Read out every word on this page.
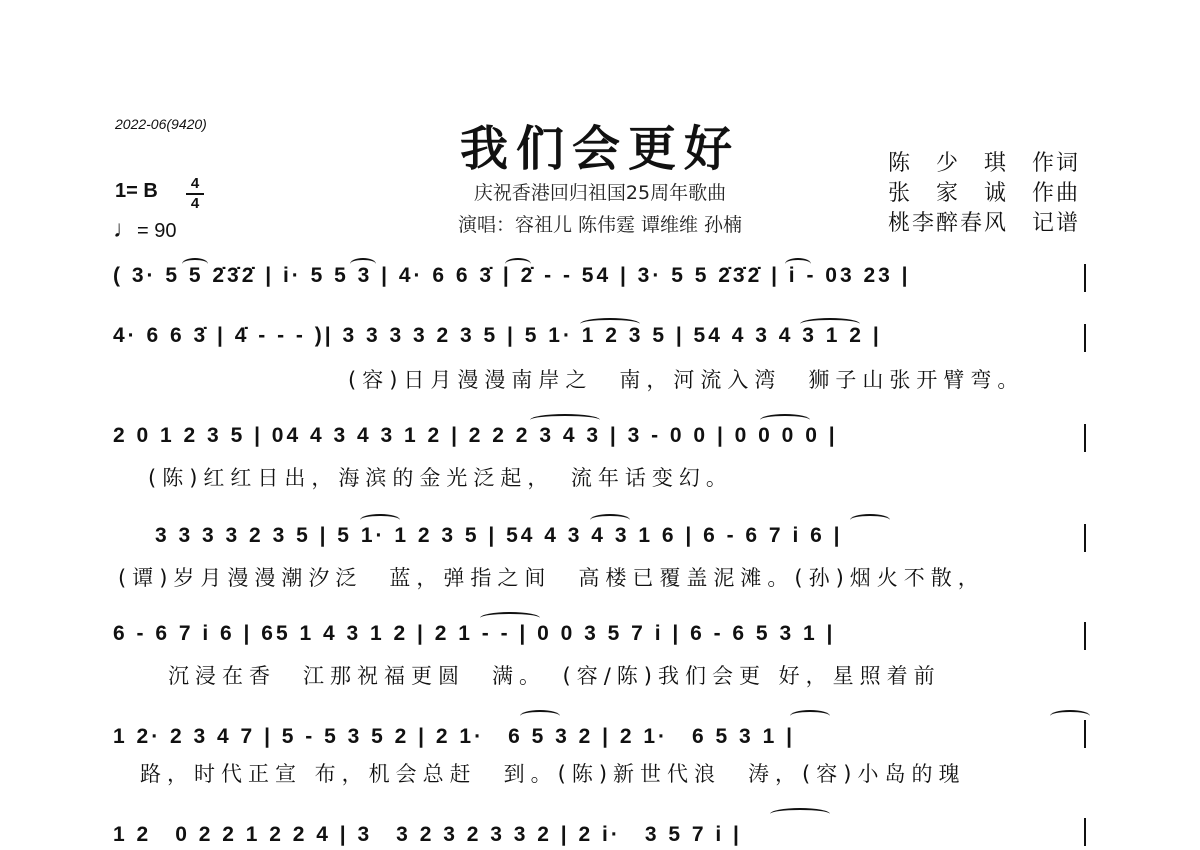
2022-06(9420)	我们会更好
庆祝香港回归祖国25周年歌曲
演唱：容祖儿 陈伟霆 谭维维 孙楠
陈　少　琪　作词
张　家　诚　作曲
桃李醉春风　记谱
1= B	4
4
♩= 90
( 3· 5 5 2̇3̇2̇ | i· 5 5 3 | 4· 6 6 3̇ | 2̇ - - 54 | 3· 5 5 2̇3̇2̇ | i - 03 23 |
4· 6 6 3̇ | 4̇ - - - )| 3 3 3 3 2 3 5 | 5 1· 1 2 3 5 | 54 4 3 4 3 1 2 |
(容)日月漫漫南岸之　南，河流入湾　狮子山张开臂弯。
2 0 1 2 3 5 | 04 4 3 4 3 1 2 | 2 2 2 3 4 3 | 3 - 0 0 | 0 0 0 0 |
(陈)红红日出，海滨的金光泛起，　流年话变幻。
3 3 3 3 2 3 5 | 5 1· 1 2 3 5 | 54 4 3 4 3 1 6 | 6 - 6 7 i 6 |
(谭)岁月漫漫潮汐泛　蓝，弹指之间　高楼已覆盖泥滩。(孙)烟火不散，
6 - 6 7 i 6 | 65 1 4 3 1 2 | 2 1 - - | 0 0 3 5 7 i | 6 - 6 5 3 1 |
沉浸在香　江那祝福更圆　满。　(容/陈)我们会更 好，星照着前
1 2· 2 3 4 7 | 5 - 5 3 5 2 | 2 1·　6 5 3 2 | 2 1·　6 5 3 1 |
路，时代正宣 布，机会总赶　到。(陈)新世代浪　涛，(容)小岛的瑰
1 2　0 2 2 1 2 2 4 | 3　3 2 3 2 3 3 2 | 2 i·　3 5 7 i |
